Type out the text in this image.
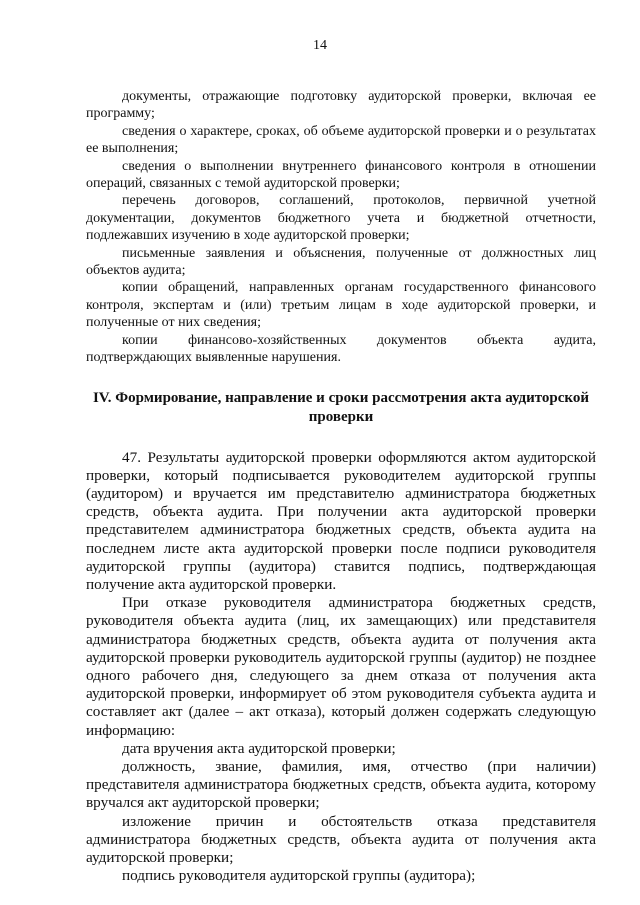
14

документы, отражающие подготовку аудиторской проверки, включая ее программу;

сведения о характере, сроках, об объеме аудиторской проверки и о результатах ее выполнения;

сведения о выполнении внутреннего финансового контроля в отношении операций, связанных с темой аудиторской проверки;

перечень договоров, соглашений, протоколов, первичной учетной документации, документов бюджетного учета и бюджетной отчетности, подлежавших изучению в ходе аудиторской проверки;

письменные заявления и объяснения, полученные от должностных лиц объектов аудита;

копии обращений, направленных органам государственного финансового контроля, экспертам и (или) третьим лицам в ходе аудиторской проверки, и полученные от них сведения;

копии финансово-хозяйственных документов объекта аудита, подтверждающих выявленные нарушения.

IV. Формирование, направление и сроки рассмотрения акта аудиторской проверки

47. Результаты аудиторской проверки оформляются актом аудиторской проверки, который подписывается руководителем аудиторской группы (аудитором) и вручается им представителю администратора бюджетных средств, объекта аудита. При получении акта аудиторской проверки представителем администратора бюджетных средств, объекта аудита на последнем листе акта аудиторской проверки после подписи руководителя аудиторской группы (аудитора) ставится подпись, подтверждающая получение акта аудиторской проверки.

При отказе руководителя администратора бюджетных средств, руководителя объекта аудита (лиц, их замещающих) или представителя администратора бюджетных средств, объекта аудита от получения акта аудиторской проверки руководитель аудиторской группы (аудитор) не позднее одного рабочего дня, следующего за днем отказа от получения акта аудиторской проверки, информирует об этом руководителя субъекта аудита и составляет акт (далее – акт отказа), который должен содержать следующую информацию:

дата вручения акта аудиторской проверки;

должность, звание, фамилия, имя, отчество (при наличии) представителя администратора бюджетных средств, объекта аудита, которому вручался акт аудиторской проверки;

изложение причин и обстоятельств отказа представителя администратора бюджетных средств, объекта аудита от получения акта аудиторской проверки;

подпись руководителя аудиторской группы (аудитора);
